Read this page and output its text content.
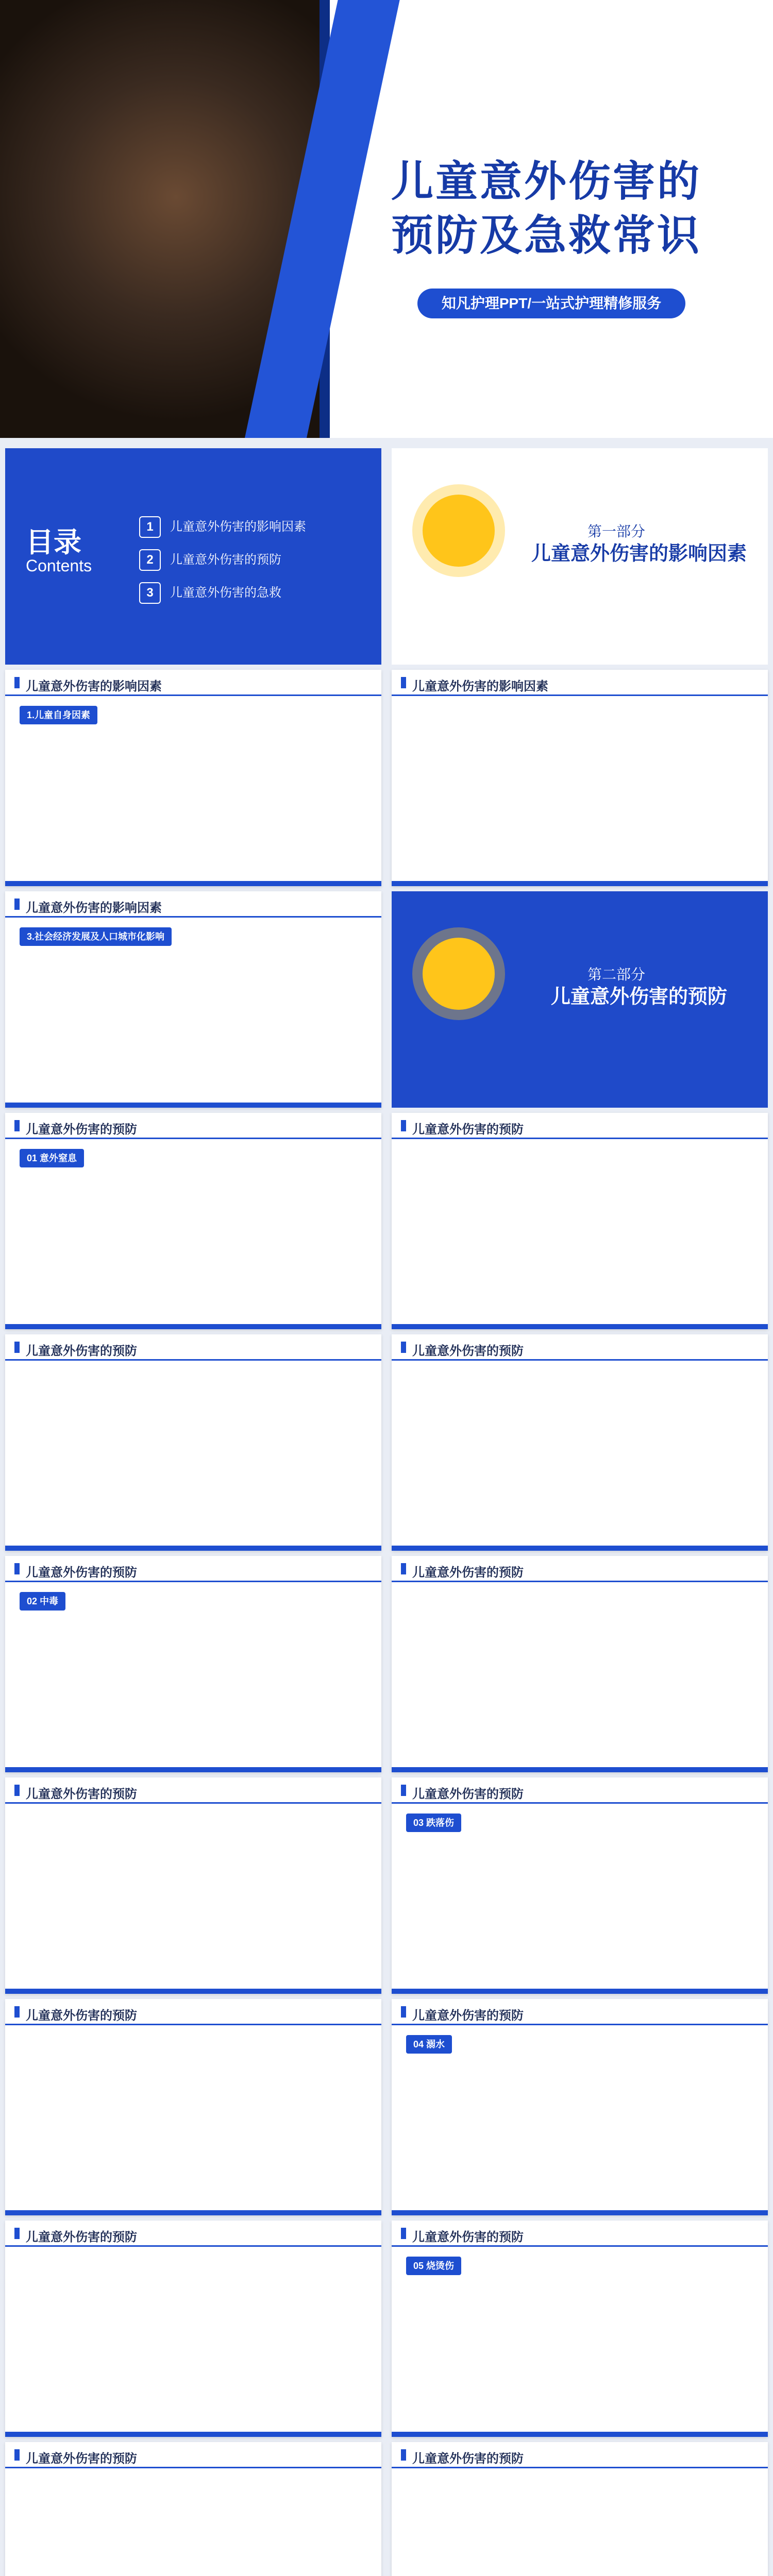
儿童意外伤害的
预防及急救常识
知凡护理PPT/一站式护理精修服务
目录
Contents
1 儿童意外伤害的影响因素
2 儿童意外伤害的预防
3 儿童意外伤害的急救
第一部分
儿童意外伤害的影响因素
儿童意外伤害的影响因素
1.儿童自身因素
儿童意外伤害的影响因素
儿童意外伤害的影响因素
3.社会经济发展及人口城市化影响
第二部分
儿童意外伤害的预防
儿童意外伤害的预防
01 意外窒息
儿童意外伤害的预防
儿童意外伤害的预防	儿童意外伤害的预防
儿童意外伤害的预防
02 中毒
儿童意外伤害的预防
儿童意外伤害的预防	儿童意外伤害的预防
03 跌落伤
儿童意外伤害的预防	儿童意外伤害的预防
04 溺水
儿童意外伤害的预防	儿童意外伤害的预防
05 烧烫伤
儿童意外伤害的预防	儿童意外伤害的预防
